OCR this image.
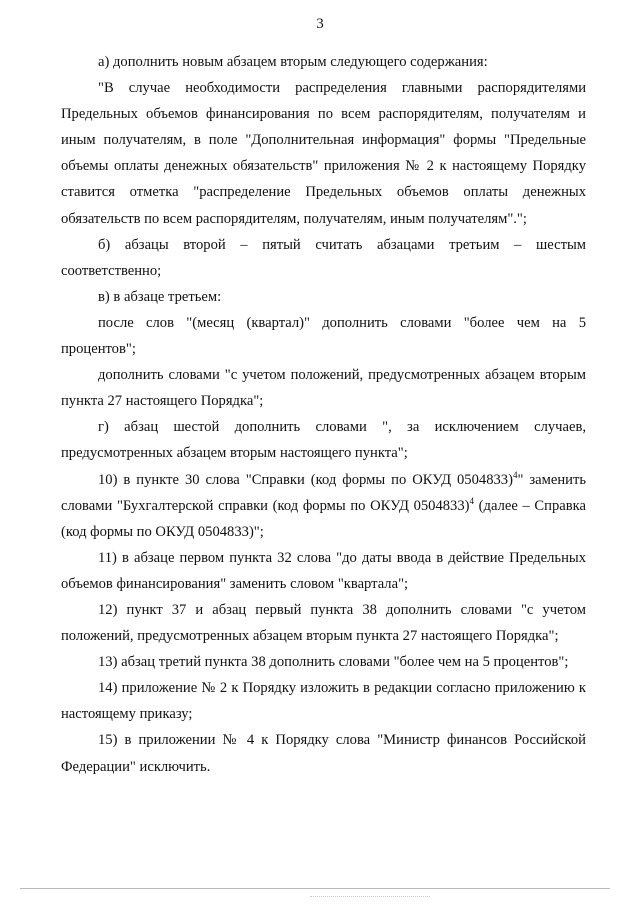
3

а) дополнить новым абзацем вторым следующего содержания:

"В случае необходимости распределения главными распорядителями Предельных объемов финансирования по всем распорядителям, получателям и иным получателям, в поле "Дополнительная информация" формы "Предельные объемы оплаты денежных обязательств" приложения № 2 к настоящему Порядку ставится отметка "распределение Предельных объемов оплаты денежных обязательств по всем распорядителям, получателям, иным получателям".";

б) абзацы второй – пятый считать абзацами третьим – шестым соответственно;

в) в абзаце третьем:

после слов "(месяц (квартал)" дополнить словами "более чем на 5 процентов";

дополнить словами "с учетом положений, предусмотренных абзацем вторым пункта 27 настоящего Порядка";

г) абзац шестой дополнить словами ", за исключением случаев, предусмотренных абзацем вторым настоящего пункта";

10) в пункте 30 слова "Справки (код формы по ОКУД 0504833)$^4$" заменить словами "Бухгалтерской справки (код формы по ОКУД 0504833)$^4$ (далее – Справка (код формы по ОКУД 0504833)";

11) в абзаце первом пункта 32 слова "до даты ввода в действие Предельных объемов финансирования" заменить словом "квартала";

12) пункт 37 и абзац первый пункта 38 дополнить словами "с учетом положений, предусмотренных абзацем вторым пункта 27 настоящего Порядка";

13) абзац третий пункта 38 дополнить словами "более чем на 5 процентов";

14) приложение № 2 к Порядку изложить в редакции согласно приложению к настоящему приказу;

15) в приложении № 4 к Порядку слова "Министр финансов Российской Федерации" исключить.
